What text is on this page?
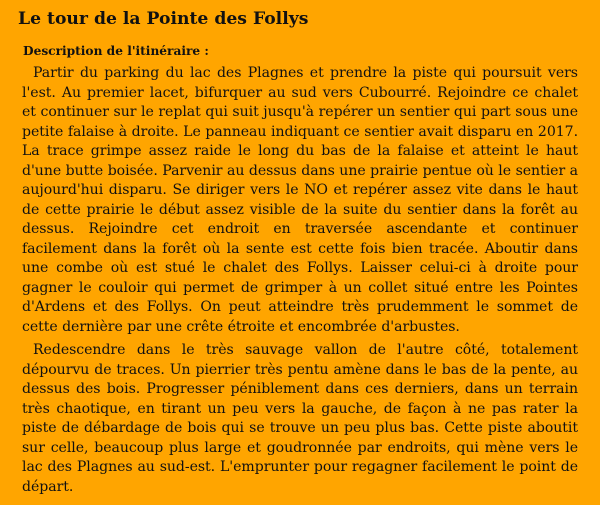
Le tour de la Pointe des Follys
Description de l'itinéraire :

Partir du parking du lac des Plagnes et prendre la piste qui poursuit vers l'est. Au premier lacet, bifurquer au sud vers Cubourré. Rejoindre ce chalet et continuer sur le replat qui suit jusqu'à repérer un sentier qui part sous une petite falaise à droite. Le panneau indiquant ce sentier avait disparu en 2017. La trace grimpe assez raide le long du bas de la falaise et atteint le haut d'une butte boisée. Parvenir au dessus dans une prairie pentue où le sentier a aujourd'hui disparu. Se diriger vers le NO et repérer assez vite dans le haut de cette prairie le début assez visible de la suite du sentier dans la forêt au dessus. Rejoindre cet endroit en traversée ascendante et continuer facilement dans la forêt où la sente est cette fois bien tracée. Aboutir dans une combe où est stué le chalet des Follys. Laisser celui-ci à droite pour gagner le couloir qui permet de grimper à un collet situé entre les Pointes d'Ardens et des Follys. On peut atteindre très prudemment le sommet de cette dernière par une crête étroite et encombrée d'arbustes.

Redescendre dans le très sauvage vallon de l'autre côté, totalement dépourvu de traces. Un pierrier très pentu amène dans le bas de la pente, au dessus des bois. Progresser péniblement dans ces derniers, dans un terrain très chaotique, en tirant un peu vers la gauche, de façon à ne pas rater la piste de débardage de bois qui se trouve un peu plus bas. Cette piste aboutit sur celle, beaucoup plus large et goudronnée par endroits, qui mène vers le lac des Plagnes au sud-est. L'emprunter pour regagner facilement le point de départ.
